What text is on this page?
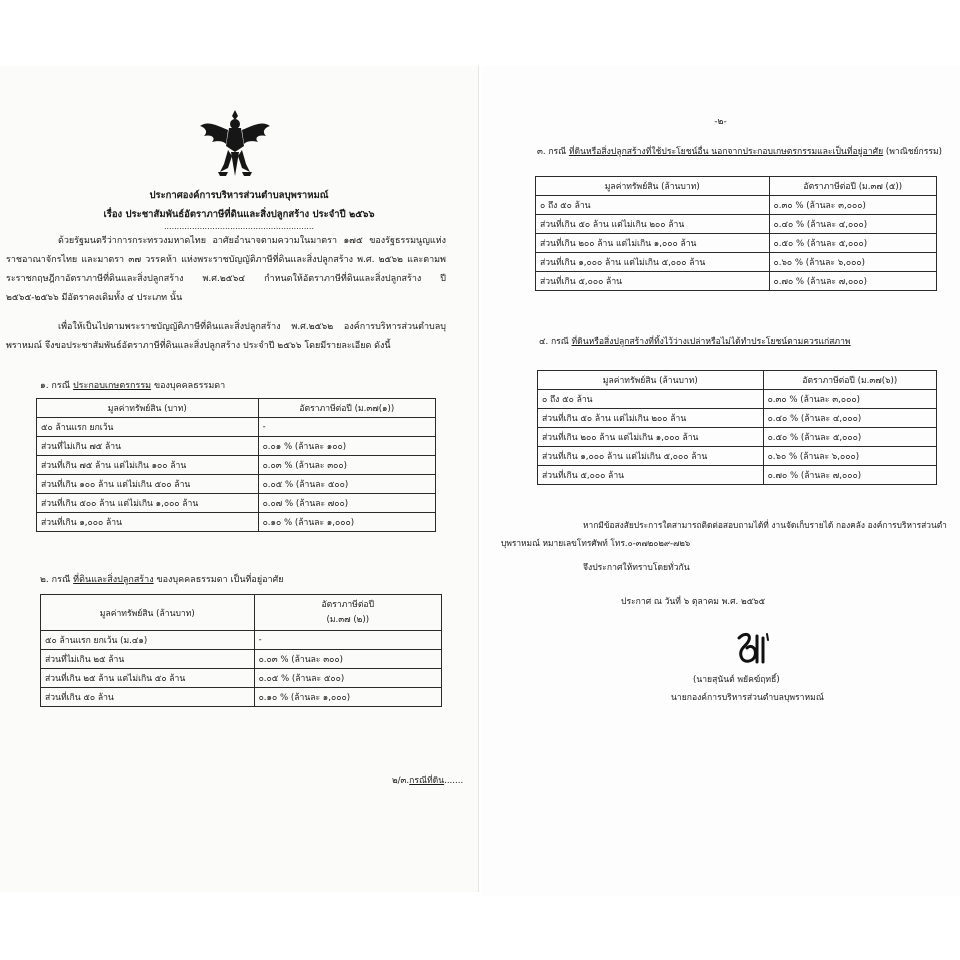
ประกาศองค์การบริหารส่วนตำบลบุพราหมณ์
เรื่อง ประชาสัมพันธ์อัตราภาษีที่ดินและสิ่งปลูกสร้าง ประจำปี ๒๕๖๖
...........................................................
ด้วยรัฐมนตรีว่าการกระทรวงมหาดไทย อาศัยอำนาจตามความในมาตรา ๑๗๕ ของรัฐธรรมนูญแห่งราชอาณาจักรไทย และมาตรา ๓๗ วรรคห้า แห่งพระราชบัญญัติภาษีที่ดินและสิ่งปลูกสร้าง พ.ศ. ๒๕๖๒ และตามพระราชกฤษฎีกาอัตราภาษีที่ดินและสิ่งปลูกสร้าง พ.ศ.๒๕๖๔ กำหนดให้อัตราภาษีที่ดินและสิ่งปลูกสร้าง ปี ๒๕๖๕-๒๕๖๖ มีอัตราคงเดิมทั้ง ๔ ประเภท นั้น
เพื่อให้เป็นไปตามพระราชบัญญัติภาษีที่ดินและสิ่งปลูกสร้าง พ.ศ.๒๕๖๒ องค์การบริหารส่วนตำบลบุพราหมณ์ จึงขอประชาสัมพันธ์อัตราภาษีที่ดินและสิ่งปลูกสร้าง ประจำปี ๒๕๖๖ โดยมีรายละเอียด ดังนี้
๑. กรณี ประกอบเกษตรกรรม ของบุคคลธรรมดา
มูลค่าทรัพย์สิน (บาท)	อัตราภาษีต่อปี (ม.๓๗(๑))
๕๐ ล้านแรก ยกเว้น	-
ส่วนที่ไม่เกิน ๗๕ ล้าน	๐.๐๑ % (ล้านละ ๑๐๐)
ส่วนที่เกิน ๗๕ ล้าน แต่ไม่เกิน ๑๐๐ ล้าน	๐.๐๓ % (ล้านละ ๓๐๐)
ส่วนที่เกิน ๑๐๐ ล้าน แต่ไม่เกิน ๕๐๐ ล้าน	๐.๐๕ % (ล้านละ ๕๐๐)
ส่วนที่เกิน ๕๐๐ ล้าน แต่ไม่เกิน ๑,๐๐๐ ล้าน	๐.๐๗ % (ล้านละ ๗๐๐)
ส่วนที่เกิน ๑,๐๐๐ ล้าน	๐.๑๐ % (ล้านละ ๑,๐๐๐)
๒. กรณี ที่ดินและสิ่งปลูกสร้าง ของบุคคลธรรมดา เป็นที่อยู่อาศัย
มูลค่าทรัพย์สิน (ล้านบาท)	อัตราภาษีต่อปี
(ม.๓๗ (๒))
๕๐ ล้านแรก ยกเว้น (ม.๔๑)	-
ส่วนที่ไม่เกิน ๒๕ ล้าน	๐.๐๓ % (ล้านละ ๓๐๐)
ส่วนที่เกิน ๒๕ ล้าน แต่ไม่เกิน ๕๐ ล้าน	๐.๐๕ % (ล้านละ ๕๐๐)
ส่วนที่เกิน ๕๐ ล้าน	๐.๑๐ % (ล้านละ ๑,๐๐๐)
๒/๓.กรณีที่ดิน.......
-๒-
๓. กรณี ที่ดินหรือสิ่งปลูกสร้างที่ใช้ประโยชน์อื่น นอกจากประกอบเกษตรกรรมและเป็นที่อยู่อาศัย (พาณิชย์กรรม)
มูลค่าทรัพย์สิน (ล้านบาท)	อัตราภาษีต่อปี (ม.๓๗ (๕))
๐ ถึง ๕๐ ล้าน	๐.๓๐ % (ล้านละ ๓,๐๐๐)
ส่วนที่เกิน ๕๐ ล้าน แต่ไม่เกิน ๒๐๐ ล้าน	๐.๔๐ % (ล้านละ ๔,๐๐๐)
ส่วนที่เกิน ๒๐๐ ล้าน แต่ไม่เกิน ๑,๐๐๐ ล้าน	๐.๕๐ % (ล้านละ ๕,๐๐๐)
ส่วนที่เกิน ๑,๐๐๐ ล้าน แต่ไม่เกิน ๕,๐๐๐ ล้าน	๐.๖๐ % (ล้านละ ๖,๐๐๐)
ส่วนที่เกิน ๕,๐๐๐ ล้าน	๐.๗๐ % (ล้านละ ๗,๐๐๐)
๔. กรณี ที่ดินหรือสิ่งปลูกสร้างที่ทิ้งไว้ว่างเปล่าหรือไม่ได้ทำประโยชน์ตามควรแก่สภาพ
มูลค่าทรัพย์สิน (ล้านบาท)	อัตราภาษีต่อปี (ม.๓๗(๖))
๐ ถึง ๕๐ ล้าน	๐.๓๐ % (ล้านละ ๓,๐๐๐)
ส่วนที่เกิน ๕๐ ล้าน แต่ไม่เกิน ๒๐๐ ล้าน	๐.๔๐ % (ล้านละ ๔,๐๐๐)
ส่วนที่เกิน ๒๐๐ ล้าน แต่ไม่เกิน ๑,๐๐๐ ล้าน	๐.๕๐ % (ล้านละ ๕,๐๐๐)
ส่วนที่เกิน ๑,๐๐๐ ล้าน แต่ไม่เกิน ๕,๐๐๐ ล้าน	๐.๖๐ % (ล้านละ ๖,๐๐๐)
ส่วนที่เกิน ๕,๐๐๐ ล้าน	๐.๗๐ % (ล้านละ ๗,๐๐๐)
หากมีข้อสงสัยประการใดสามารถติดต่อสอบถามได้ที่ งานจัดเก็บรายได้ กองคลัง องค์การบริหารส่วนตำ
บุพราหมณ์ หมายเลขโทรศัพท์ โทร.๐-๓๗๒๐๒๙-๗๒๖
จึงประกาศให้ทราบโดยทั่วกัน
ประกาศ ณ วันที่ ๖ ตุลาคม พ.ศ. ๒๕๖๕
(นายสุนันต์ พยัคฆ์ฤทธิ์)
นายกองค์การบริหารส่วนตำบลบุพราหมณ์
